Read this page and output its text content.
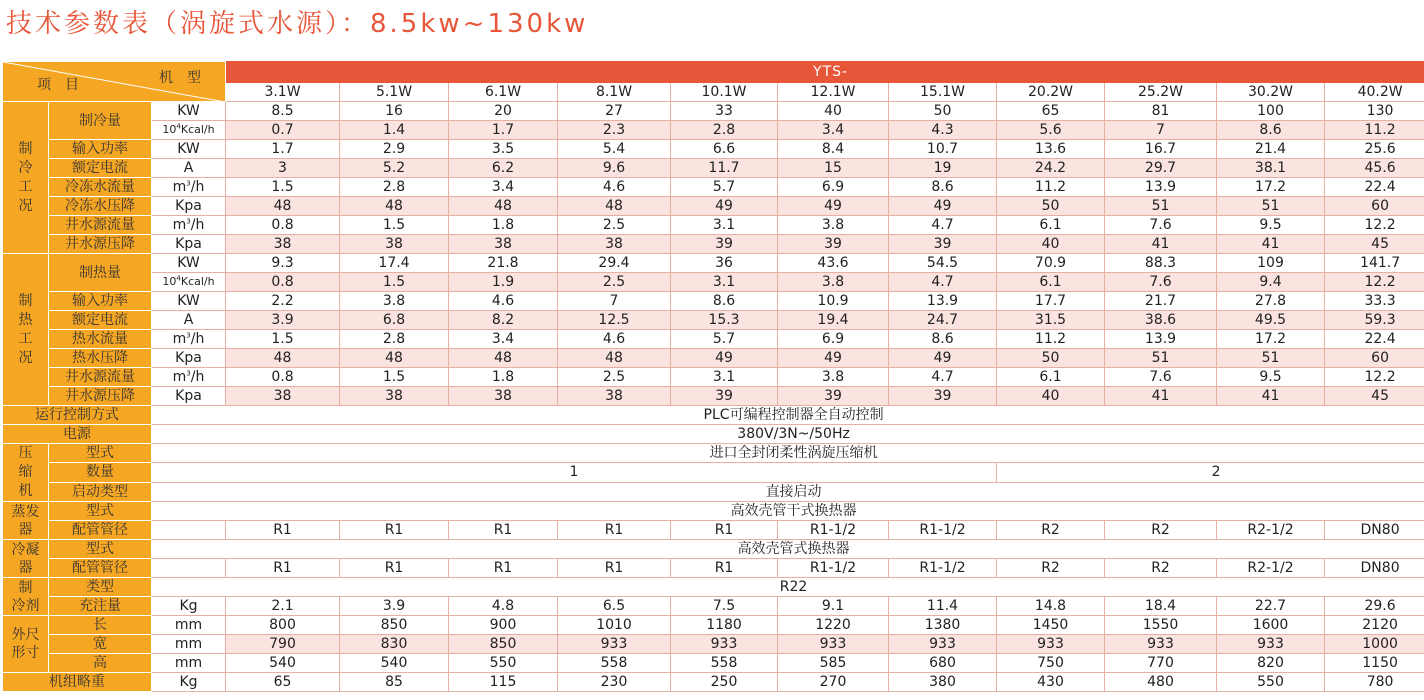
技术参数表（涡旋式水源）：8.5kw~130kw
机　型
项　目			YTS-										
			3.1W	5.1W	6.1W	8.1W	10.1W	12.1W	15.1W	20.2W	25.2W	30.2W	40.2W
制
冷
工
况	制冷量	KW	8.5	16	20	27	33	40	50	65	81	100	130
		$10^4Kcal/h$	0.7	1.4	1.7	2.3	2.8	3.4	4.3	5.6	7	8.6	11.2
	输入功率	KW	1.7	2.9	3.5	5.4	6.6	8.4	10.7	13.6	16.7	21.4	25.6
	额定电流	A	3	5.2	6.2	9.6	11.7	15	19	24.2	29.7	38.1	45.6
	冷冻水流量	$m^3/h$	1.5	2.8	3.4	4.6	5.7	6.9	8.6	11.2	13.9	17.2	22.4
	冷冻水压降	Kpa	48	48	48	48	49	49	49	50	51	51	60
	井水源流量	$m^3/h$	0.8	1.5	1.8	2.5	3.1	3.8	4.7	6.1	7.6	9.5	12.2
	井水源压降	Kpa	38	38	38	38	39	39	39	40	41	41	45
制
热
工
况	制热量	KW	9.3	17.4	21.8	29.4	36	43.6	54.5	70.9	88.3	109	141.7
		$10^4Kcal/h$	0.8	1.5	1.9	2.5	3.1	3.8	4.7	6.1	7.6	9.4	12.2
	输入功率	KW	2.2	3.8	4.6	7	8.6	10.9	13.9	17.7	21.7	27.8	33.3
	额定电流	A	3.9	6.8	8.2	12.5	15.3	19.4	24.7	31.5	38.6	49.5	59.3
	热水流量	$m^3/h$	1.5	2.8	3.4	4.6	5.7	6.9	8.6	11.2	13.9	17.2	22.4
	热水压降	Kpa	48	48	48	48	49	49	49	50	51	51	60
	井水源流量	$m^3/h$	0.8	1.5	1.8	2.5	3.1	3.8	4.7	6.1	7.6	9.5	12.2
	井水源压降	Kpa	38	38	38	38	39	39	39	40	41	41	45
运行控制方式		PLC可编程控制器全自动控制											
电源		380V/3N~/50Hz											
压
缩
机	型式	进口全封闭柔性涡旋压缩机											
	数量	1								2			
	启动类型	直接启动											
蒸发
器	型式	高效壳管干式换热器											
	配管管径		R1	R1	R1	R1	R1	R1-1/2	R1-1/2	R2	R2	R2-1/2	DN80
冷凝
器	型式	高效壳管式换热器											
	配管管径		R1	R1	R1	R1	R1	R1-1/2	R1-1/2	R2	R2	R2-1/2	DN80
制
冷剂	类型	R22											
	充注量	Kg	2.1	3.9	4.8	6.5	7.5	9.1	11.4	14.8	18.4	22.7	29.6
外尺
形寸	长	mm	800	850	900	1010	1180	1220	1380	1450	1550	1600	2120
	宽	mm	790	830	850	933	933	933	933	933	933	933	1000
	高	mm	540	540	550	558	558	585	680	750	770	820	1150
机组略重		Kg	65	85	115	230	250	270	380	430	480	550	780
